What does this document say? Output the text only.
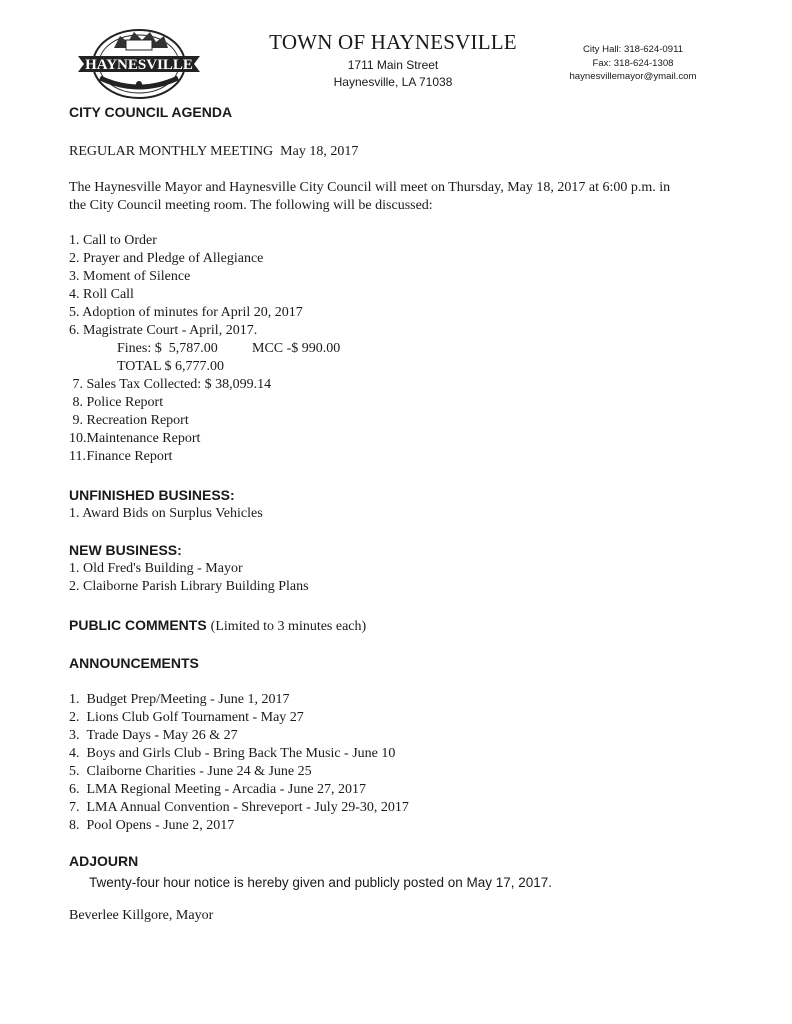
HAYNESVILLE
TOWN OF HAYNESVILLE
1711 Main Street
Haynesville, LA 71038
City Hall: 318-624-0911
Fax: 318-624-1308
haynesvillemayor@ymail.com
CITY COUNCIL AGENDA
REGULAR MONTHLY MEETING May 18, 2017
The Haynesville Mayor and Haynesville City Council will meet on Thursday, May 18, 2017 at 6:00 p.m. in
the City Council meeting room. The following will be discussed:
1. Call to Order
2. Prayer and Pledge of Allegiance
3. Moment of Silence
4. Roll Call
5. Adoption of minutes for April 20, 2017
6. Magistrate Court - April, 2017.
Fines: $ 5,787.00 MCC -$ 990.00
TOTAL $ 6,777.00
7. Sales Tax Collected: $ 38,099.14
8. Police Report
9. Recreation Report
10. Maintenance Report
11. Finance Report
UNFINISHED BUSINESS:
1. Award Bids on Surplus Vehicles
NEW BUSINESS:
1. Old Fred's Building - Mayor
2. Claiborne Parish Library Building Plans
PUBLIC COMMENTS (Limited to 3 minutes each)
ANNOUNCEMENTS
1. Budget Prep/Meeting - June 1, 2017
2. Lions Club Golf Tournament - May 27
3. Trade Days - May 26 & 27
4. Boys and Girls Club - Bring Back The Music - June 10
5. Claiborne Charities - June 24 & June 25
6. LMA Regional Meeting - Arcadia - June 27, 2017
7. LMA Annual Convention - Shreveport - July 29-30, 2017
8. Pool Opens - June 2, 2017
ADJOURN
Twenty-four hour notice is hereby given and publicly posted on May 17, 2017.
Beverlee Killgore, Mayor
